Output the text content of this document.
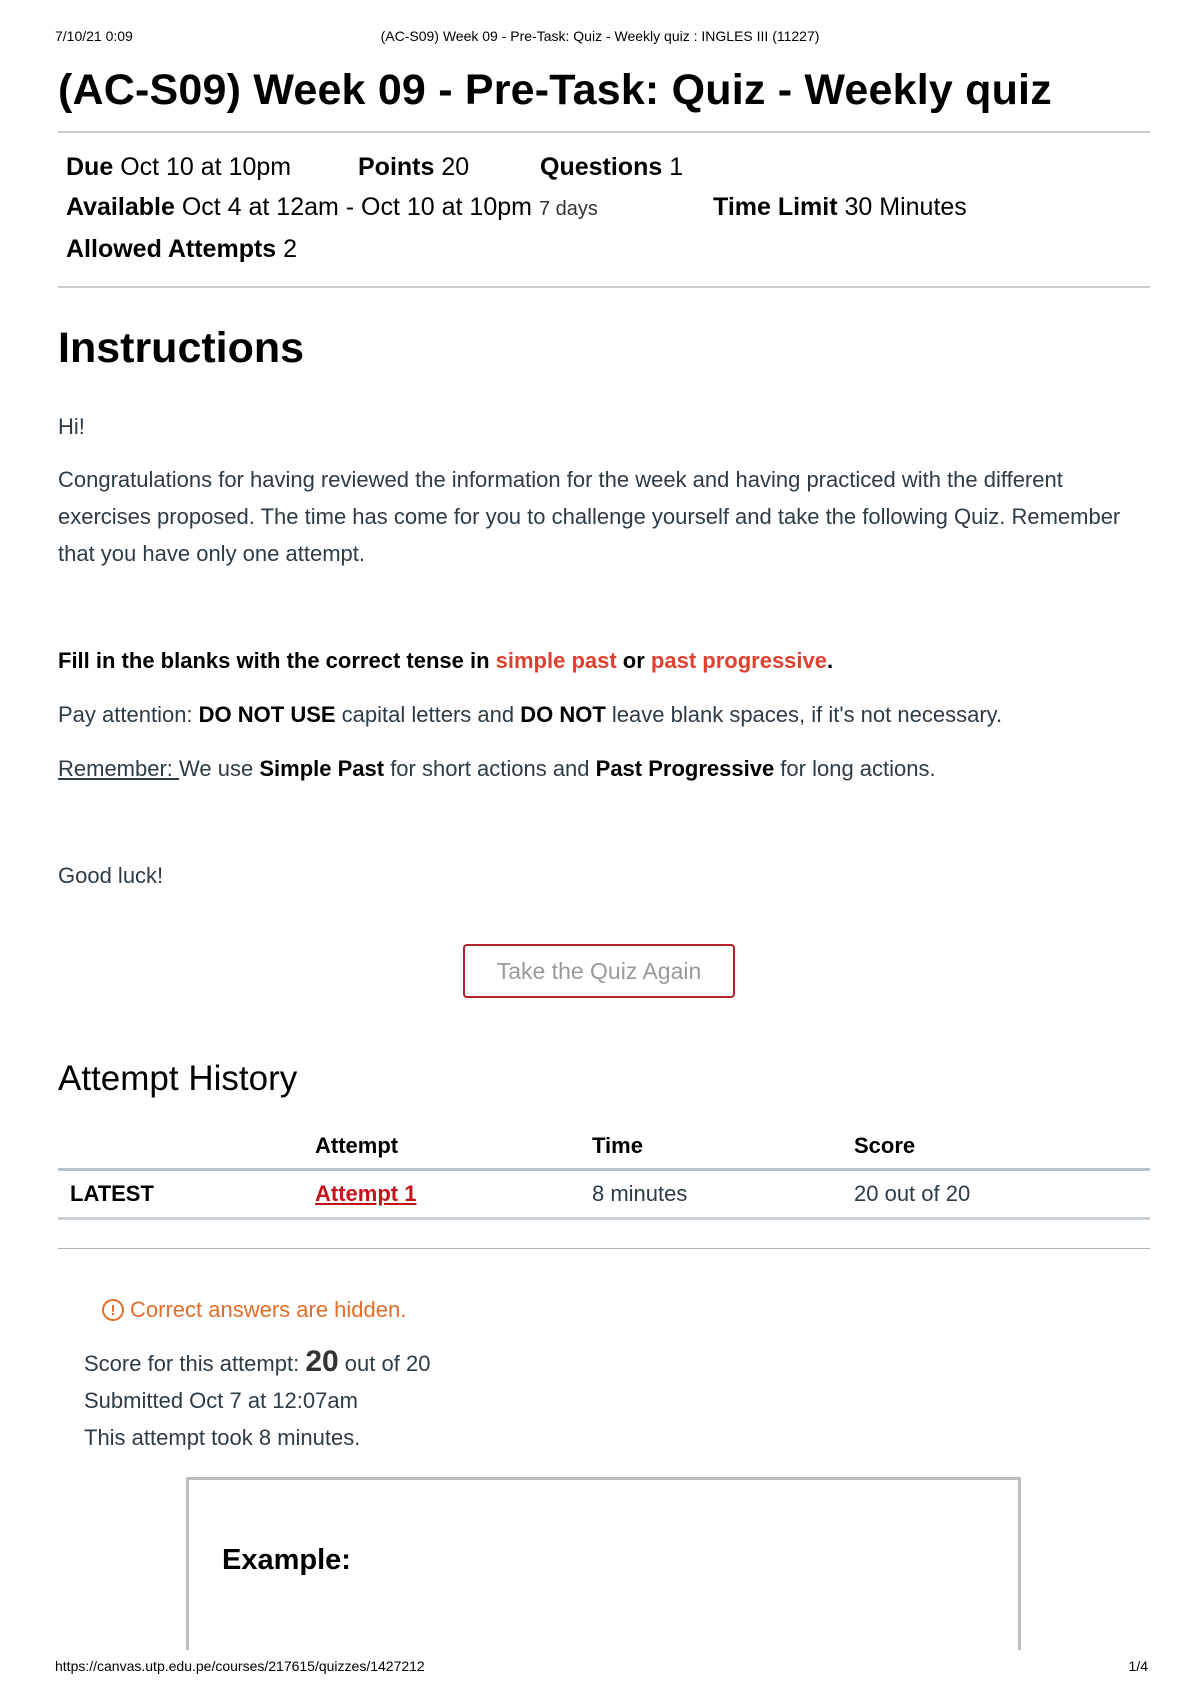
7/10/21 0:09	(AC-S09) Week 09 - Pre-Task: Quiz - Weekly quiz : INGLES III (11227)
(AC-S09) Week 09 - Pre-Task: Quiz - Weekly quiz
Due Oct 10 at 10pm	Points 20	Questions 1
Available Oct 4 at 12am - Oct 10 at 10pm 7 days	Time Limit 30 Minutes
Allowed Attempts 2
Instructions

Hi!

Congratulations for having reviewed the information for the week and having practiced with the different exercises proposed. The time has come for you to challenge yourself and take the following Quiz. Remember that you have only one attempt.

Fill in the blanks with the correct tense in simple past or past progressive.

Pay attention: DO NOT USE capital letters and DO NOT leave blank spaces, if it's not necessary.

Remember: We use Simple Past for short actions and Past Progressive for long actions.

Good luck!

Take the Quiz Again
Attempt History
	Attempt	Time	Score
LATEST	Attempt 1	8 minutes	20 out of 20
! Correct answers are hidden.
Score for this attempt: 20 out of 20
Submitted Oct 7 at 12:07am
This attempt took 8 minutes.
Example:
https://canvas.utp.edu.pe/courses/217615/quizzes/1427212	1/4
